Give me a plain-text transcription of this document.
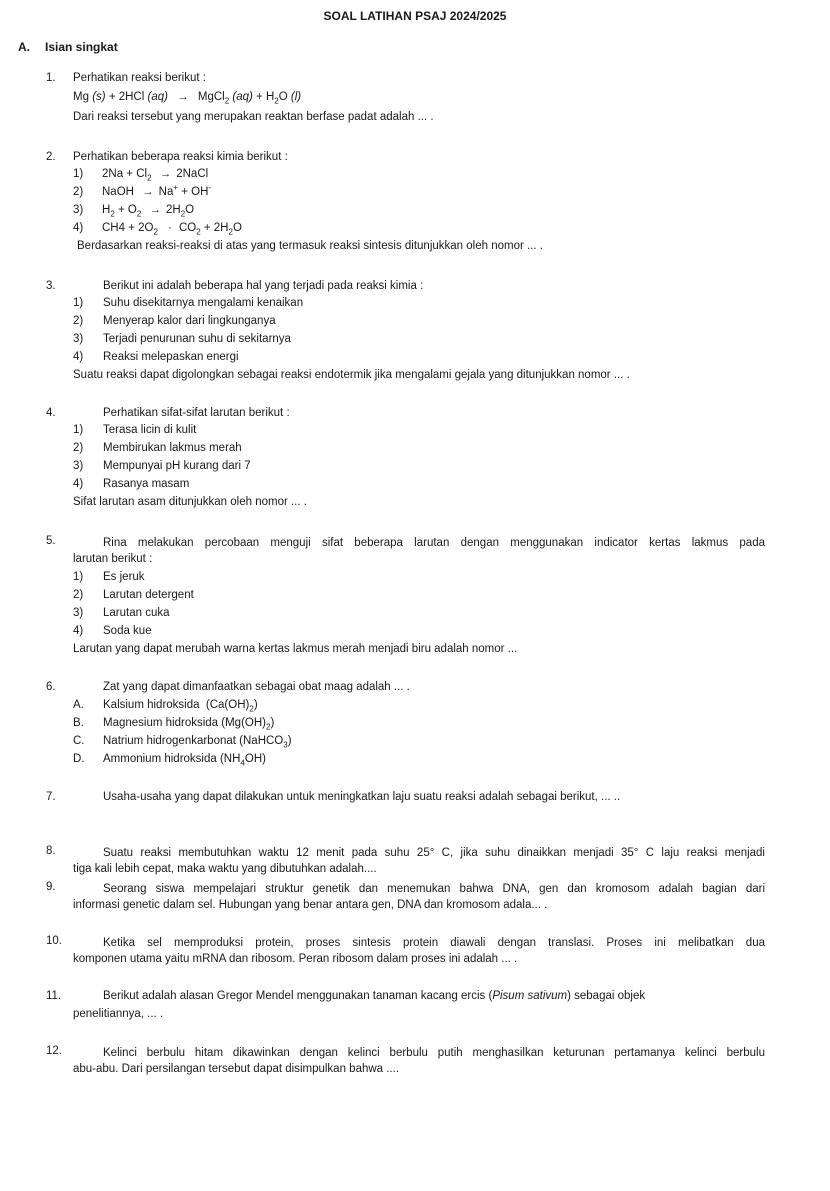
SOAL LATIHAN PSAJ 2024/2025
A. Isian singkat
1. Perhatikan reaksi berikut :
Mg (s) + 2HCl (aq) → MgCl$_2$ $(aq) + H_2O$ (l)
Dari reaksi tersebut yang merupakan reaktan berfase padat adalah ... .
2. Perhatikan beberapa reaksi kimia berikut :
1) $2Na + Cl_2$ → 2NaCl
2) NaOH → Na+ + OH-
3) $H_2 + O_2 \to 2H_2O$
4) $CH4 + 2O_2 \cdot CO_2 + 2H_2O$
Berdasarkan reaksi-reaksi di atas yang termasuk reaksi sintesis ditunjukkan oleh nomor ... .
3.	Berikut ini adalah beberapa hal yang terjadi pada reaksi kimia :
1) Suhu disekitarnya mengalami kenaikan
2) Menyerap kalor dari lingkunganya
3) Terjadi penurunan suhu di sekitarnya
4) Reaksi melepaskan energi
Suatu reaksi dapat digolongkan sebagai reaksi endotermik jika mengalami gejala yang ditunjukkan nomor ... .
4.	Perhatikan sifat-sifat larutan berikut :
1) Terasa licin di kulit
2) Membirukan lakmus merah
3) Mempunyai pH kurang dari 7
4) Rasanya masam
Sifat larutan asam ditunjukkan oleh nomor ... .
5.	Rina melakukan percobaan menguji sifat beberapa larutan dengan menggunakan indicator kertas lakmus pada
larutan berikut :
1) Es jeruk
2) Larutan detergent
3) Larutan cuka
4) Soda kue
Larutan yang dapat merubah warna kertas lakmus merah menjadi biru adalah nomor ...
6.	Zat yang dapat dimanfaatkan sebagai obat maag adalah ... .
A. Kalsium hidroksida $(Ca(OH)_2)$
B. Magnesium hidroksida $(Mg(OH)_2)$
C. Natrium hidrogenkarbonat (NaHCO$_3$)
D. Ammonium hidroksida $(NH_4OH)$
7.	Usaha-usaha yang dapat dilakukan untuk meningkatkan laju suatu reaksi adalah sebagai berikut, ... ..
8.	Suatu reaksi membutuhkan waktu 12 menit pada suhu 25° C, jika suhu dinaikkan menjadi 35° C laju reaksi menjadi
tiga kali lebih cepat, maka waktu yang dibutuhkan adalah....
9.	Seorang siswa mempelajari struktur genetik dan menemukan bahwa DNA, gen dan kromosom adalah bagian dari
informasi genetic dalam sel. Hubungan yang benar antara gen, DNA dan kromosom adala... .
10.	Ketika sel memproduksi protein, proses sintesis protein diawali dengan translasi. Proses ini melibatkan dua
komponen utama yaitu mRNA dan ribosom. Peran ribosom dalam proses ini adalah ... .
11.	Berikut adalah alasan Gregor Mendel menggunakan tanaman kacang ercis (Pisum sativum) sebagai objek
penelitiannya, ... .
12.	Kelinci berbulu hitam dikawinkan dengan kelinci berbulu putih menghasilkan keturunan pertamanya kelinci berbulu
abu-abu. Dari persilangan tersebut dapat disimpulkan bahwa ....
